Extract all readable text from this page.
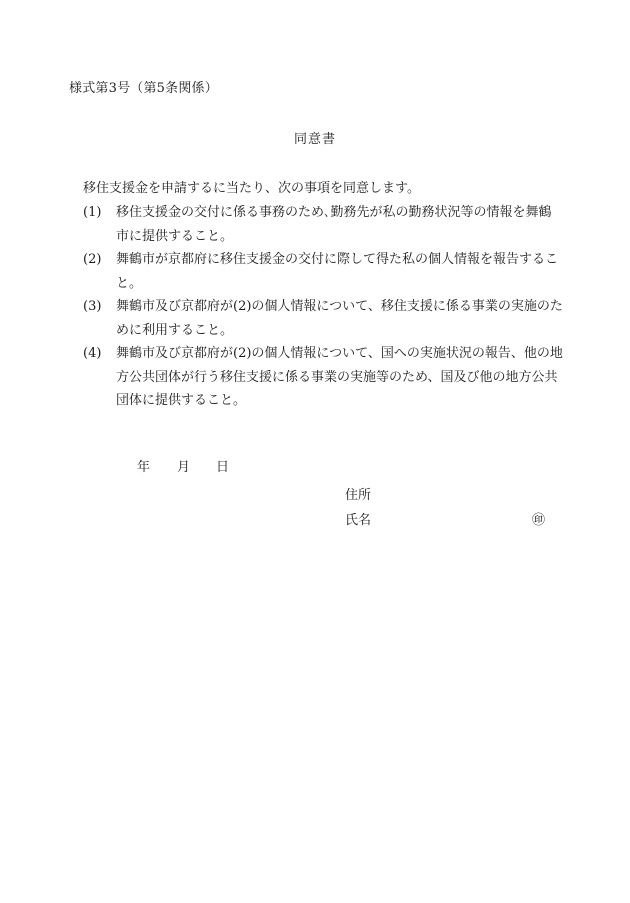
様式第3号（第5条関係）
同意書
移住支援金を申請するに当たり、次の事項を同意します。
(1)	移住支援金の交付に係る事務のため､勤務先が私の勤務状況等の情報を舞鶴市に提供すること。
(2)	舞鶴市が京都府に移住支援金の交付に際して得た私の個人情報を報告すること。
(3)	舞鶴市及び京都府が(2)の個人情報について、移住支援に係る事業の実施のために利用すること。
(4)	舞鶴市及び京都府が(2)の個人情報について、国への実施状況の報告、他の地方公共団体が行う移住支援に係る事業の実施等のため、国及び他の地方公共団体に提供すること。
年 月 日
住所
氏名	㊞
